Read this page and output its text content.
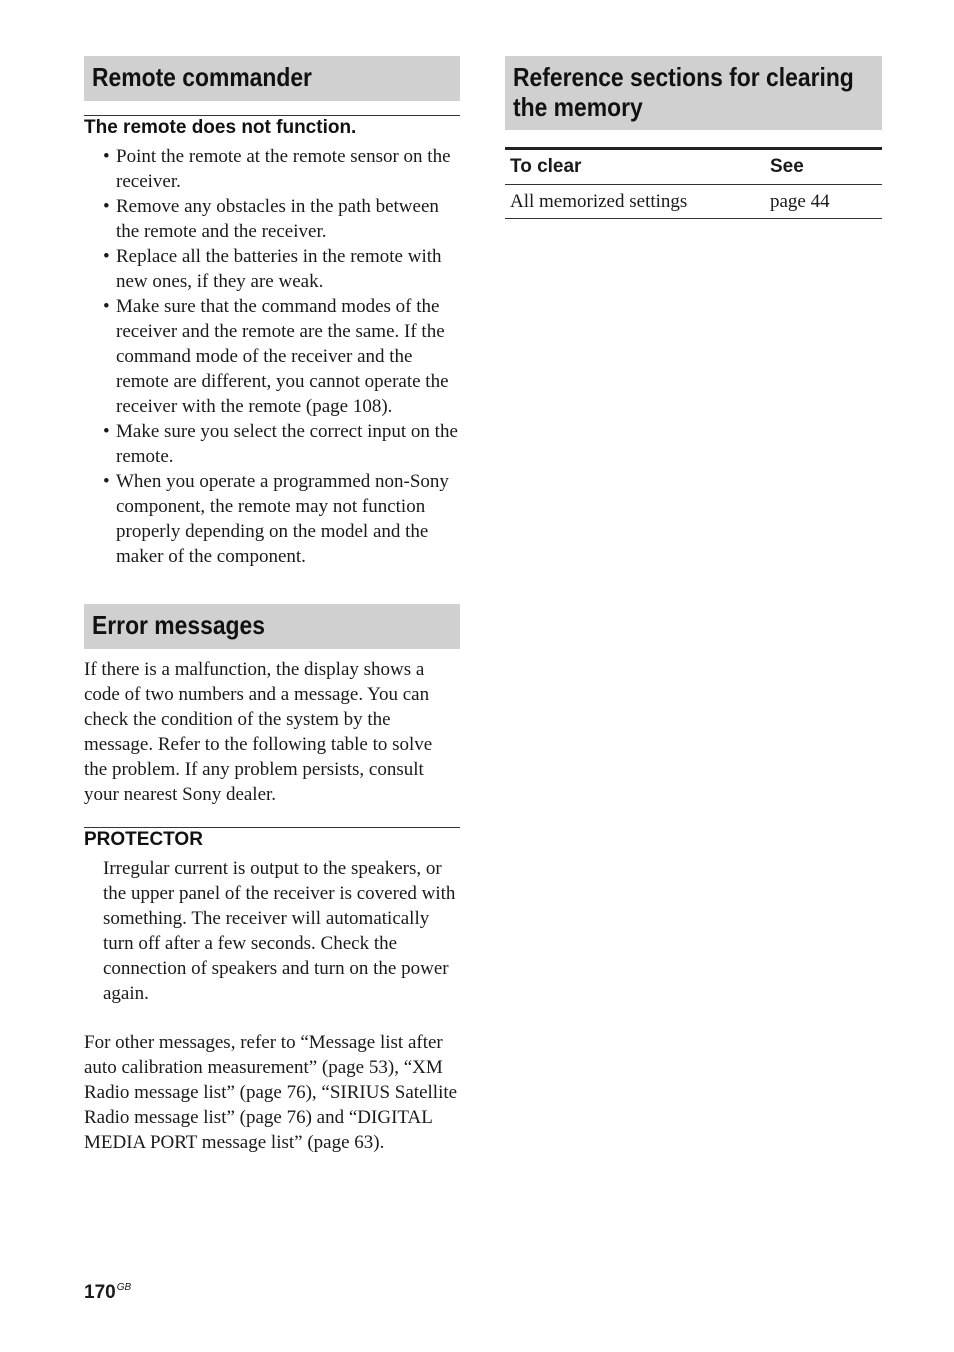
Remote commander
The remote does not function.
• Point the remote at the remote sensor on the receiver.
• Remove any obstacles in the path between the remote and the receiver.
• Replace all the batteries in the remote with new ones, if they are weak.
• Make sure that the command modes of the receiver and the remote are the same. If the command mode of the receiver and the remote are different, you cannot operate the receiver with the remote (page 108).
• Make sure you select the correct input on the remote.
• When you operate a programmed non-Sony component, the remote may not function properly depending on the model and the maker of the component.
Error messages
If there is a malfunction, the display shows a code of two numbers and a message. You can check the condition of the system by the message. Refer to the following table to solve the problem. If any problem persists, consult your nearest Sony dealer.
PROTECTOR
Irregular current is output to the speakers, or the upper panel of the receiver is covered with something. The receiver will automatically turn off after a few seconds. Check the connection of speakers and turn on the power again.
For other messages, refer to “Message list after auto calibration measurement” (page 53), “XM Radio message list” (page 76), “SIRIUS Satellite Radio message list” (page 76) and “DIGITAL MEDIA PORT message list” (page 63).
Reference sections for clearing
the memory
To clear	See
All memorized settings	page 44
$170^{GB}$
